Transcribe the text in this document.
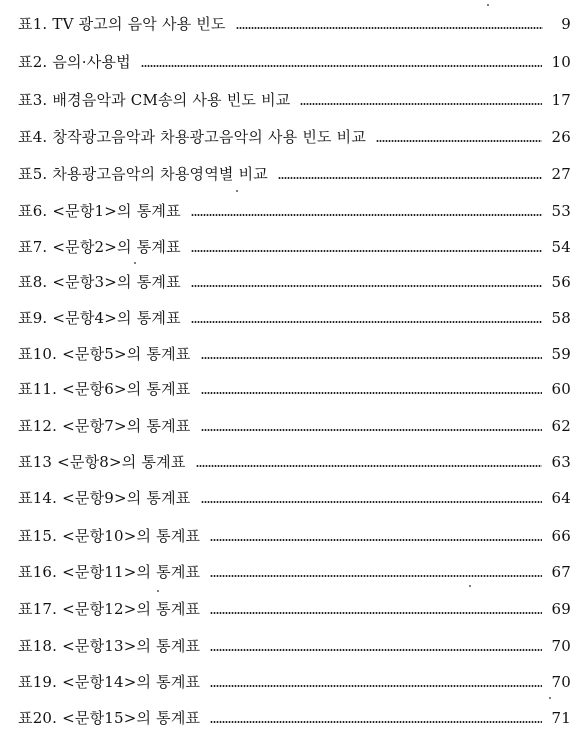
표1. TV 광고의 음악 사용 빈도	9
표2. 음의·사용법	10
표3. 배경음악과 CM송의 사용 빈도 비교	17
표4. 창작광고음악과 차용광고음악의 사용 빈도 비교	26
표5. 차용광고음악의 차용영역별 비교	27
표6. <문항1>의 통계표	53
표7. <문항2>의 통계표	54
표8. <문항3>의 통계표	56
표9. <문항4>의 통계표	58
표10. <문항5>의 통계표	59
표11. <문항6>의 통계표	60
표12. <문항7>의 통계표	62
표13 <문항8>의 통계표	63
표14. <문항9>의 통계표	64
표15. <문항10>의 통계표	66
표16. <문항11>의 통계표	67
표17. <문항12>의 통계표	69
표18. <문항13>의 통계표	70
표19. <문항14>의 통계표	70
표20. <문항15>의 통계표	71
